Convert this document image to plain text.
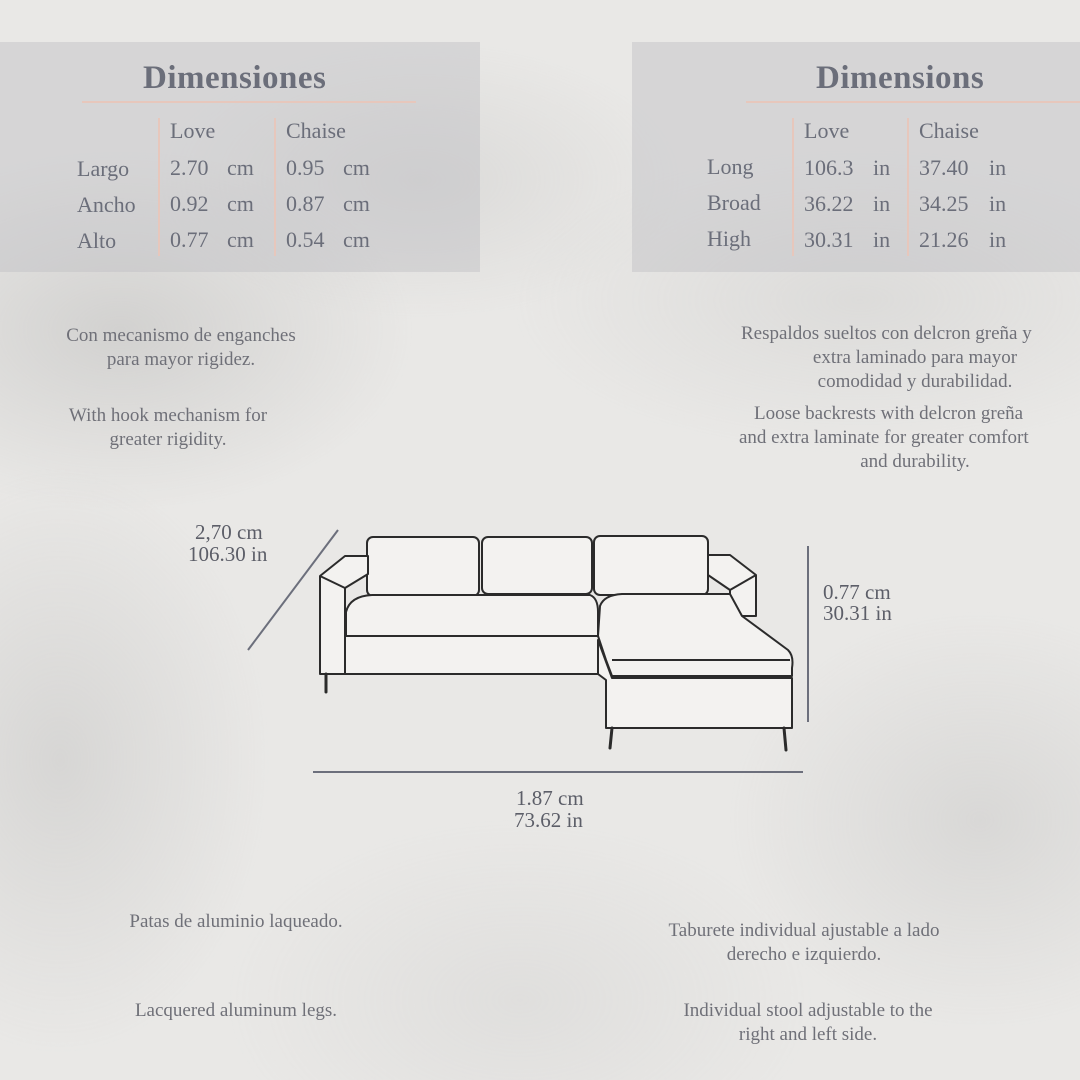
Dimensiones
Love	Chaise
Largo 2.70 cm 0.95 cm
Ancho 0.92 cm 0.87 cm
Alto 0.77 cm 0.54 cm
Dimensions
Love	Chaise
Long 106.3 in 37.40 in
Broad 36.22 in 34.25 in
High 30.31 in 21.26 in
Con mecanismo de enganches
para mayor rigidez.
With hook mechanism for
greater rigidity.
Respaldos sueltos con delcron greña y
extra laminado para mayor
comodidad y durabilidad.
Loose backrests with delcron greña
and extra laminate for greater comfort
and durability.
Patas de aluminio laqueado.
Lacquered aluminum legs.
Taburete individual ajustable a lado
derecho e izquierdo.
Individual stool adjustable to the
right and left side.
2,70 cm
106.30 in
0.77 cm
30.31 in
1.87 cm
73.62 in
